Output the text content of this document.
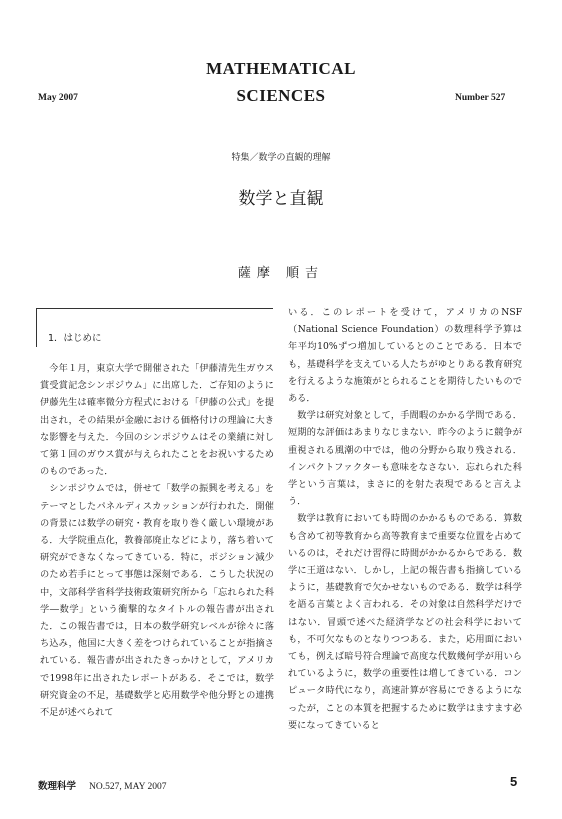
MATHEMATICAL
SCIENCES
May 2007	Number 527
特集／数学の直観的理解
数学と直観
薩摩 順吉
1．はじめに

今年１月，東京大学で開催された「伊藤清先生ガウス賞受賞記念シンポジウム」に出席した．ご存知のように伊藤先生は確率微分方程式における「伊藤の公式」を提出され，その結果が金融における価格付けの理論に大きな影響を与えた．今回のシンポジウムはその業績に対して第１回のガウス賞が与えられたことをお祝いするためのものであった．

シンポジウムでは，併せて「数学の振興を考える」をテーマとしたパネルディスカッションが行われた．開催の背景には数学の研究・教育を取り巻く厳しい環境がある．大学院重点化，教養部廃止などにより，落ち着いて研究ができなくなってきている．特に，ポジション減少のため若手にとって事態は深刻である．こうした状況の中，文部科学省科学技術政策研究所から「忘れられた科学―数学」という衝撃的なタイトルの報告書が出された．この報告書では，日本の数学研究レベルが徐々に落ち込み，他国に大きく差をつけられていることが指摘されている．報告書が出されたきっかけとして，アメリカで1998年に出されたレポートがある．そこでは，数学研究資金の不足，基礎数学と応用数学や他分野との連携不足が述べられて

いる．このレポートを受けて，アメリカのNSF（National Science Foundation）の数理科学予算は年平均10%ずつ増加しているとのことである．日本でも，基礎科学を支えている人たちがゆとりある教育研究を行えるような施策がとられることを期待したいものである．

数学は研究対象として，手間暇のかかる学問である．短期的な評価はあまりなじまない．昨今のように競争が重視される風潮の中では，他の分野から取り残される．インパクトファクターも意味をなさない．忘れられた科学という言葉は，まさに的を射た表現であると言えよう．

数学は教育においても時間のかかるものである．算数も含めて初等教育から高等教育まで重要な位置を占めているのは，それだけ習得に時間がかかるからである．数学に王道はない．しかし，上記の報告書も指摘しているように，基礎教育で欠かせないものである．数学は科学を語る言葉とよく言われる．その対象は自然科学だけではない．冒頭で述べた経済学などの社会科学においても，不可欠なものとなりつつある．また，応用面においても，例えば暗号符合理論で高度な代数幾何学が用いられているように，数学の重要性は増してきている．コンピュータ時代になり，高速計算が容易にできるようになったが，ことの本質を把握するために数学はますます必要になってきていると

数理科学 NO.527, MAY 2007	5
